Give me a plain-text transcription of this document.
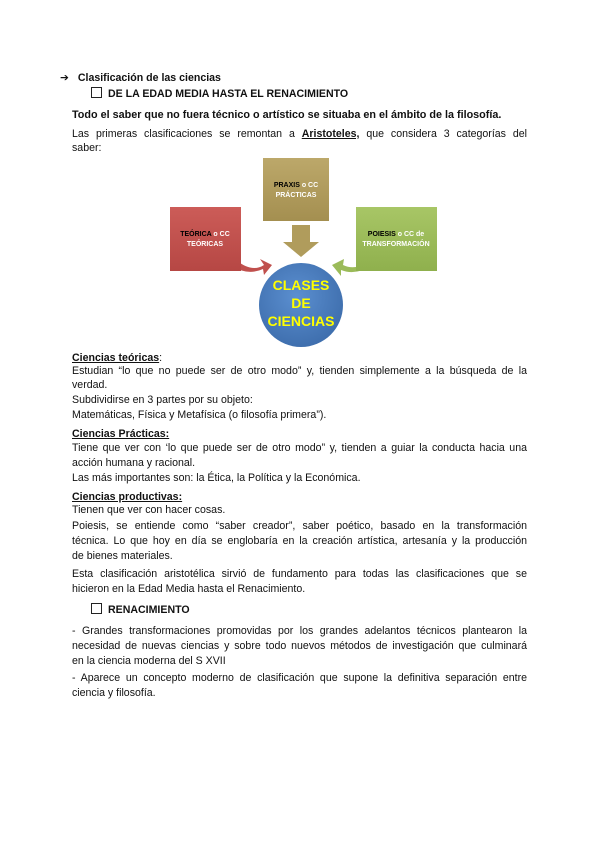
➔ Clasificación de las ciencias
DE LA EDAD MEDIA HASTA EL RENACIMIENTO
Todo el saber que no fuera técnico o artístico se situaba en el ámbito de la filosofía.
Las primeras clasificaciones se remontan a Aristoteles, que considera 3 categorías del
saber:
PRAXIS o CC
PRÁCTICAS
TEÓRICA o CC
TEÓRICAS
POIESIS o CC de
TRANSFORMACIÓN
CLASES
DE
CIENCIAS
Ciencias teóricas:
Estudian “lo que no puede ser de otro modo” y, tienden simplemente a la búsqueda de la
verdad.
Subdividirse en 3 partes por su objeto:
Matemáticas, Física y Metafísica (o filosofía primera”).
Ciencias Prácticas:
Tiene que ver con ‘lo que puede ser de otro modo” y, tienden a guiar la conducta hacia una
acción humana y racional.
Las más importantes son: la Ética, la Política y la Económica.
Ciencias productivas:
Tienen que ver con hacer cosas.
Poiesis, se entiende como “saber creador”, saber poético, basado en la transformación
técnica. Lo que hoy en día se englobaría en la creación artística, artesanía y la producción
de bienes materiales.
Esta clasificación aristotélica sirvió de fundamento para todas las clasificaciones que se
hicieron en la Edad Media hasta el Renacimiento.
RENACIMIENTO
- Grandes transformaciones promovidas por los grandes adelantos técnicos plantearon la
necesidad de nuevas ciencias y sobre todo nuevos métodos de investigación que culminará
en la ciencia moderna del S XVII
- Aparece un concepto moderno de clasificación que supone la definitiva separación entre
ciencia y filosofía.
